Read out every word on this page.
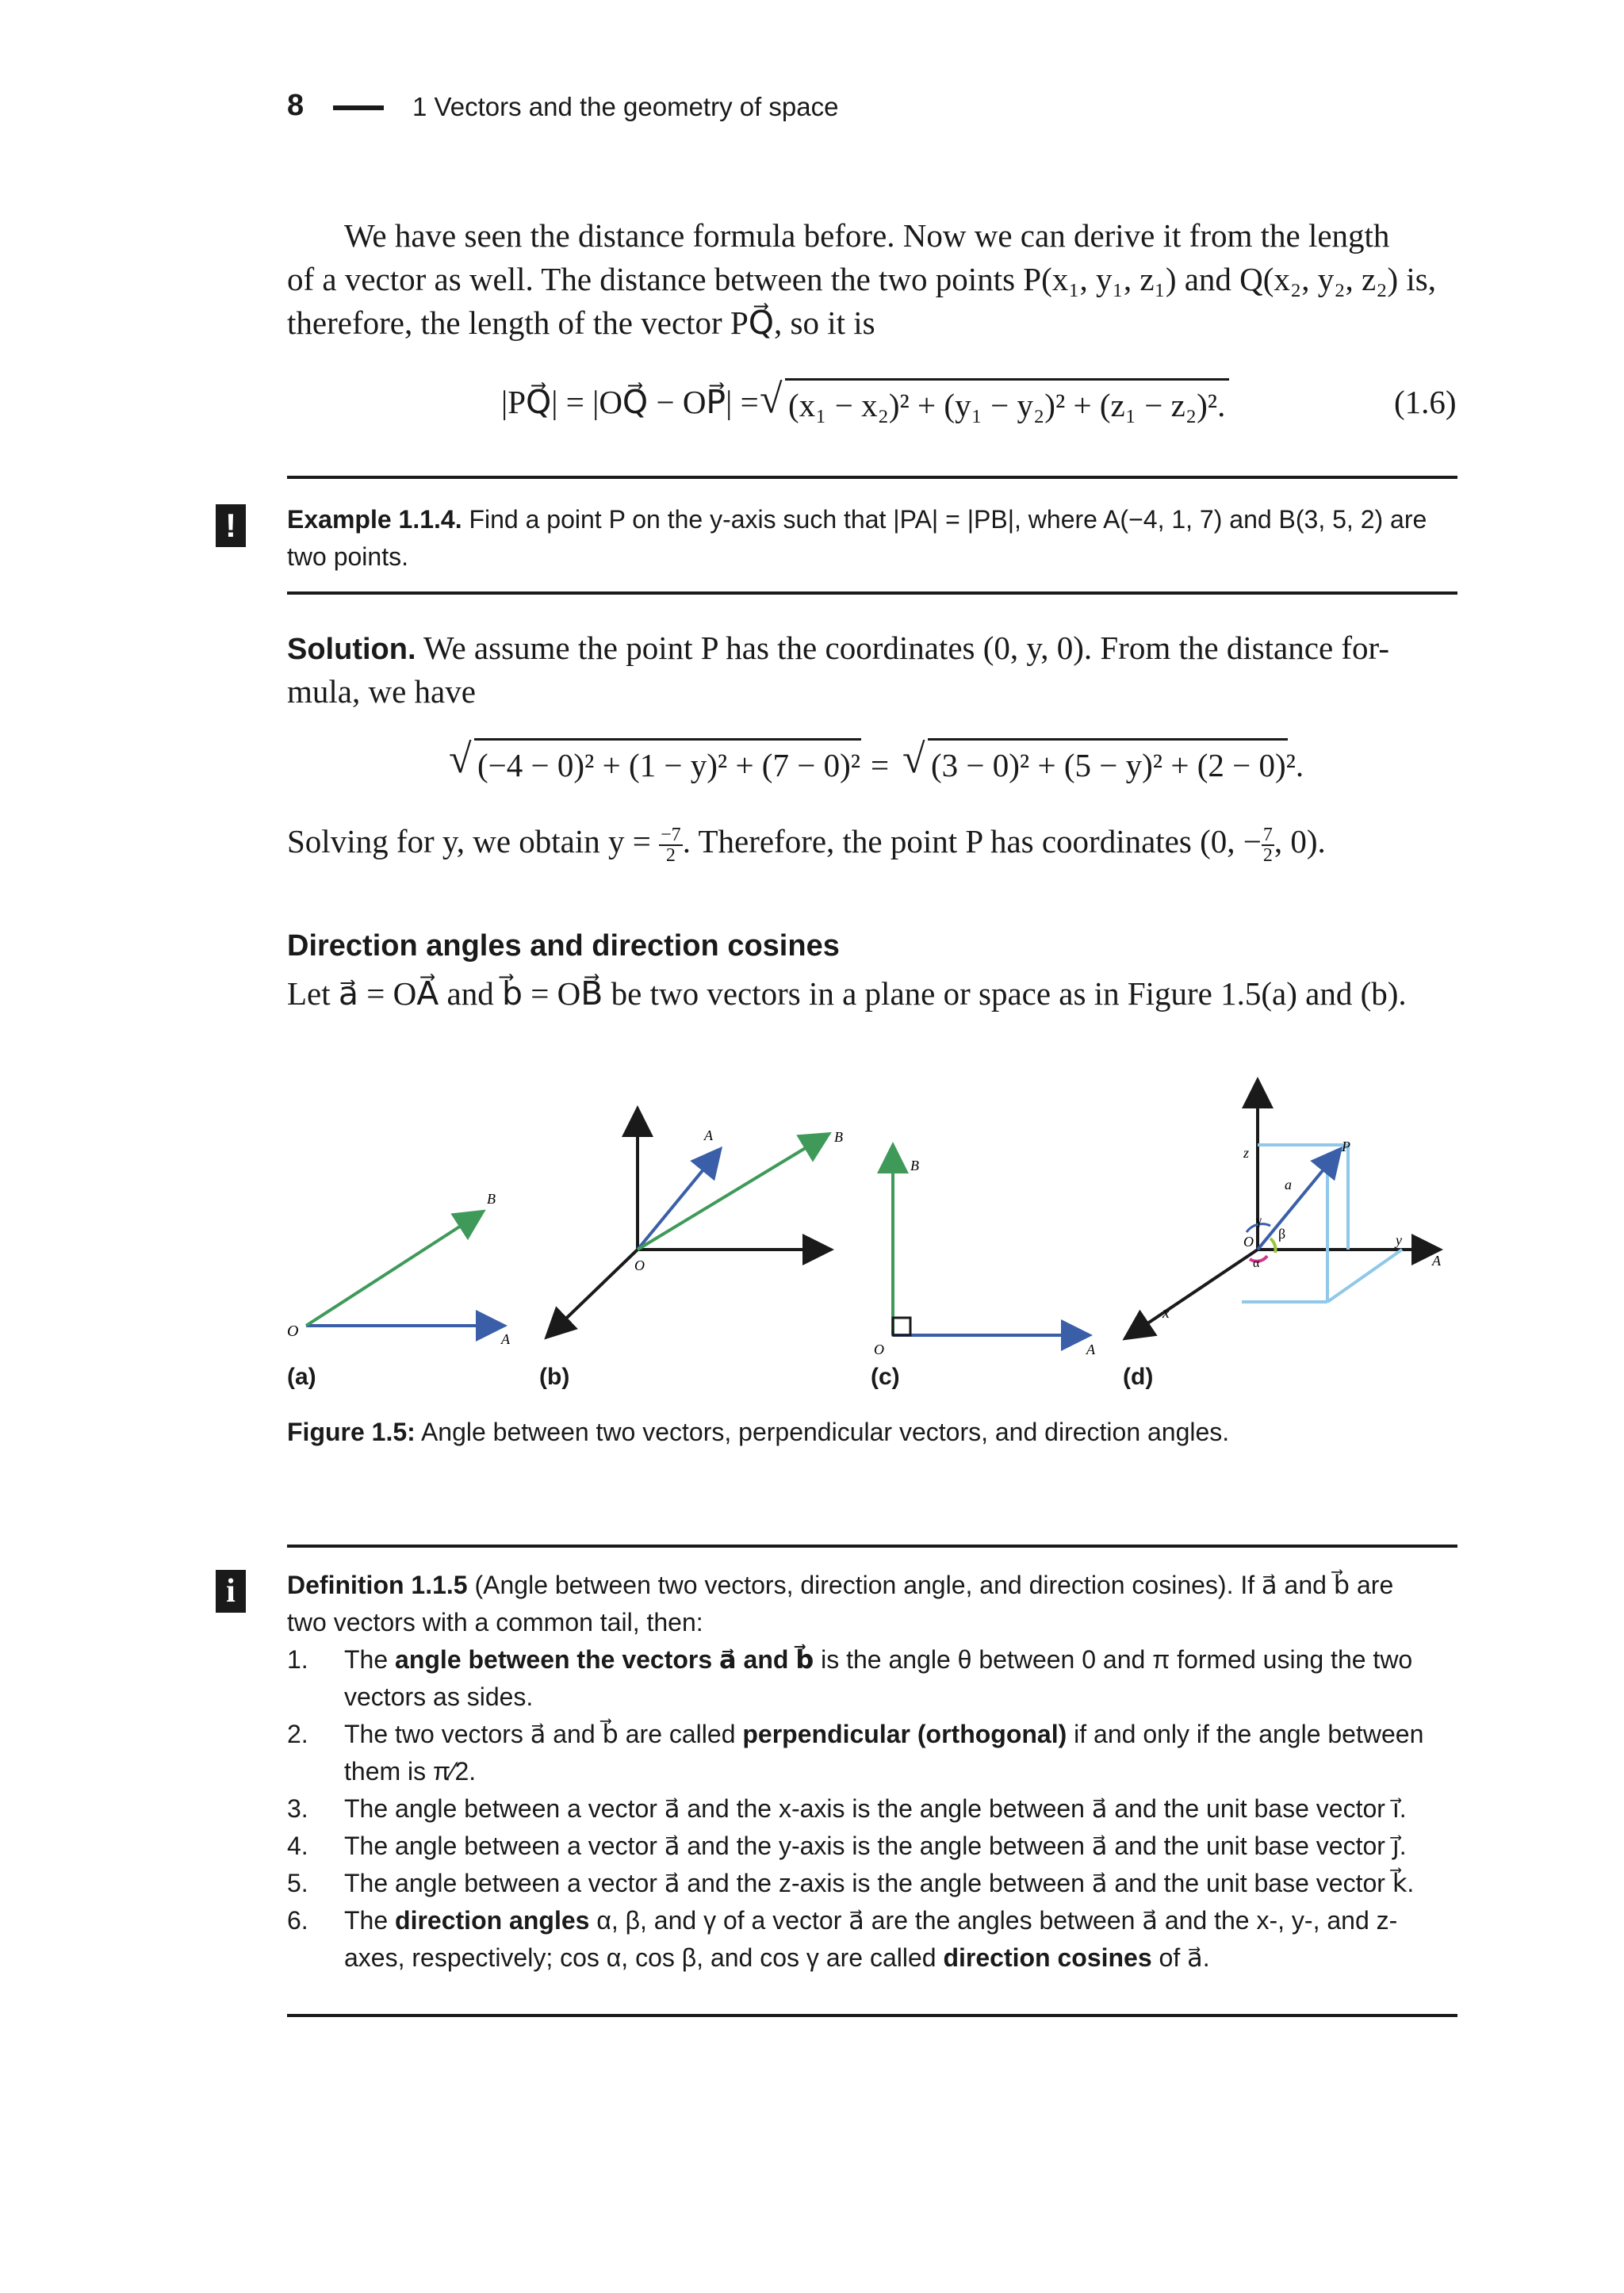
8	1 Vectors and the geometry of space
We have seen the distance formula before. Now we can derive it from the length
of a vector as well. The distance between the two points P(x₁, y₁, z₁) and Q(x₂, y₂, z₂) is,
therefore, the length of the vector PQ⃗, so it is
|PQ⃗| = |OQ⃗ − OP⃗| = √ (x₁ − x₂)² + (y₁ − y₂)² + (z₁ − z₂)².	(1.6)
!	Example 1.1.4. Find a point P on the y-axis such that |PA| = |PB|, where A(−4, 1, 7) and B(3, 5, 2) are
two points.
Solution. We assume the point P has the coordinates (0, y, 0). From the distance for-
mula, we have
√ (−4 − 0)² + (1 − y)² + (7 − 0)² = √ (3 − 0)² + (5 − y)² + (2 − 0)².
Solving for y, we obtain $y = \frac{-7}{2}$ . Therefore, the point P has coordinates (0, − $\frac{7}{2}$ , 0).
Direction angles and direction cosines
Let a⃗ = OA⃗ and b⃗ = OB⃗ be two vectors in a plane or space as in Figure 1.5(a) and (b).
O	A
B
O
A	B
O	A
B
O
z
y
A
x
P
a⃗
γ
β
α
(a)	(b)	(c)	(d)
Figure 1.5: Angle between two vectors, perpendicular vectors, and direction angles.
i	Definition 1.1.5 (Angle between two vectors, direction angle, and direction cosines). If a⃗ and b⃗ are
two vectors with a common tail, then:
1. The angle between the vectors a⃗ and b⃗ is the angle θ between 0 and π formed using the two vectors as sides.
2. The two vectors a⃗ and b⃗ are called perpendicular (orthogonal) if and only if the angle between them is π⁄2.
3. The angle between a vector a⃗ and the x-axis is the angle between a⃗ and the unit base vector i⃗.
4. The angle between a vector a⃗ and the y-axis is the angle between a⃗ and the unit base vector j⃗.
5. The angle between a vector a⃗ and the z-axis is the angle between a⃗ and the unit base vector k⃗.
6. The direction angles α, β, and γ of a vector a⃗ are the angles between a⃗ and the x-, y-, and z-axes, respectively; cos α, cos β, and cos γ are called direction cosines of a⃗.
